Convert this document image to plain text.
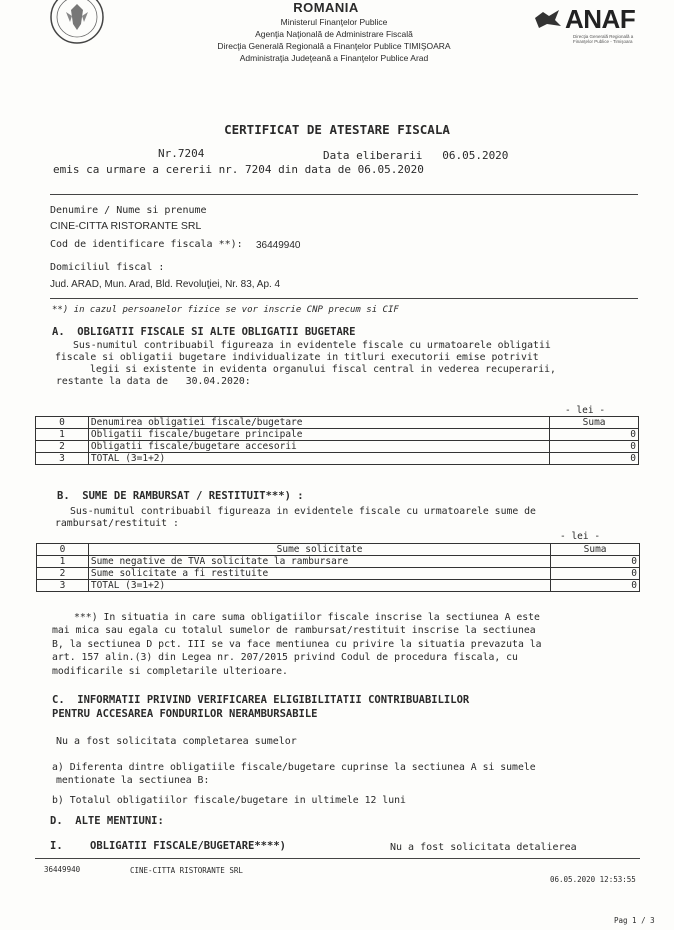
ROMANIA
Ministerul Finanţelor Publice
Agenţia Naţională de Administrare Fiscală
Direcţia Generală Regională a Finanţelor Publice TIMIŞOARA
Administraţia Judeţeană a Finanţelor Publice Arad
ANAF
Direcţia Generală Regională a Finanţelor Publice - Timişoara
CERTIFICAT DE ATESTARE FISCALA
Nr.7204	Data eliberarii   06.05.2020
emis ca urmare a cererii nr. 7204 din data de 06.05.2020
Denumire / Nume si prenume
CINE-CITTA RISTORANTE SRL
Cod de identificare fiscala **): 36449940
Domiciliul fiscal :
Jud. ARAD, Mun. Arad, Bld. Revoluţiei, Nr. 83, Ap. 4
**) in cazul persoanelor fizice se vor inscrie CNP precum si CIF
A.  OBLIGATII FISCALE SI ALTE OBLIGATII BUGETARE
Sus-numitul contribuabil figureaza in evidentele fiscale cu urmatoarele obligatii
fiscale si obligatii bugetare individualizate in titluri executorii emise potrivit
legii si existente in evidenta organului fiscal central in vederea recuperarii,
restante la data de   30.04.2020:
- lei -
0	Denumirea obligatiei fiscale/bugetare	Suma
1	Obligatii fiscale/bugetare principale	0
2	Obligatii fiscale/bugetare accesorii	0
3	TOTAL (3=1+2)	0
B.  SUME DE RAMBURSAT / RESTITUIT***) :
Sus-numitul contribuabil figureaza in evidentele fiscale cu urmatoarele sume de
rambursat/restituit :
- lei -
0	Sume solicitate	Suma
1	Sume negative de TVA solicitate la rambursare	0
2	Sume solicitate a fi restituite	0
3	TOTAL (3=1+2)	0
***) In situatia in care suma obligatiilor fiscale inscrise la sectiunea A este
mai mica sau egala cu totalul sumelor de rambursat/restituit inscrise la sectiunea
B, la sectiunea D pct. III se va face mentiunea cu privire la situatia prevazuta la
art. 157 alin.(3) din Legea nr. 207/2015 privind Codul de procedura fiscala, cu
modificarile si completarile ulterioare.
C.  INFORMATII PRIVIND VERIFICAREA ELIGIBILITATII CONTRIBUABILILOR
PENTRU ACCESAREA FONDURILOR NERAMBURSABILE
Nu a fost solicitata completarea sumelor
a) Diferenta dintre obligatiile fiscale/bugetare cuprinse la sectiunea A si sumele
mentionate la sectiunea B:
b) Totalul obligatiilor fiscale/bugetare in ultimele 12 luni
D.  ALTE MENTIUNI:
I.	OBLIGATII FISCALE/BUGETARE****)	Nu a fost solicitata detalierea
36449940	CINE-CITTA RISTORANTE SRL
06.05.2020 12:53:55
Pag 1 / 3
